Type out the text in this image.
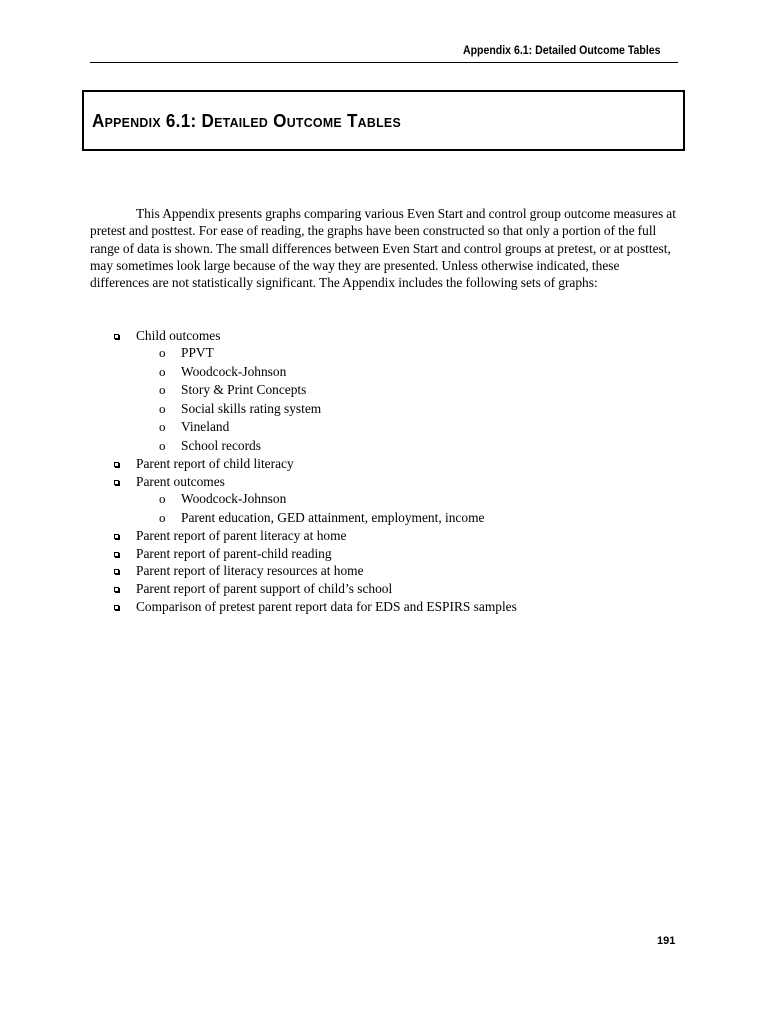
Appendix 6.1: Detailed Outcome Tables
Appendix 6.1: Detailed Outcome Tables

This Appendix presents graphs comparing various Even Start and control group outcome measures at pretest and posttest. For ease of reading, the graphs have been constructed so that only a portion of the full range of data is shown. The small differences between Even Start and control groups at pretest, or at posttest, may sometimes look large because of the way they are presented. Unless otherwise indicated, these differences are not statistically significant. The Appendix includes the following sets of graphs:

Child outcomes
o PPVT
o Woodcock-Johnson
o Story & Print Concepts
o Social skills rating system
o Vineland
o School records
Parent report of child literacy
Parent outcomes
o Woodcock-Johnson
o Parent education, GED attainment, employment, income
Parent report of parent literacy at home
Parent report of parent-child reading
Parent report of literacy resources at home
Parent report of parent support of child’s school
Comparison of pretest parent report data for EDS and ESPIRS samples
191
